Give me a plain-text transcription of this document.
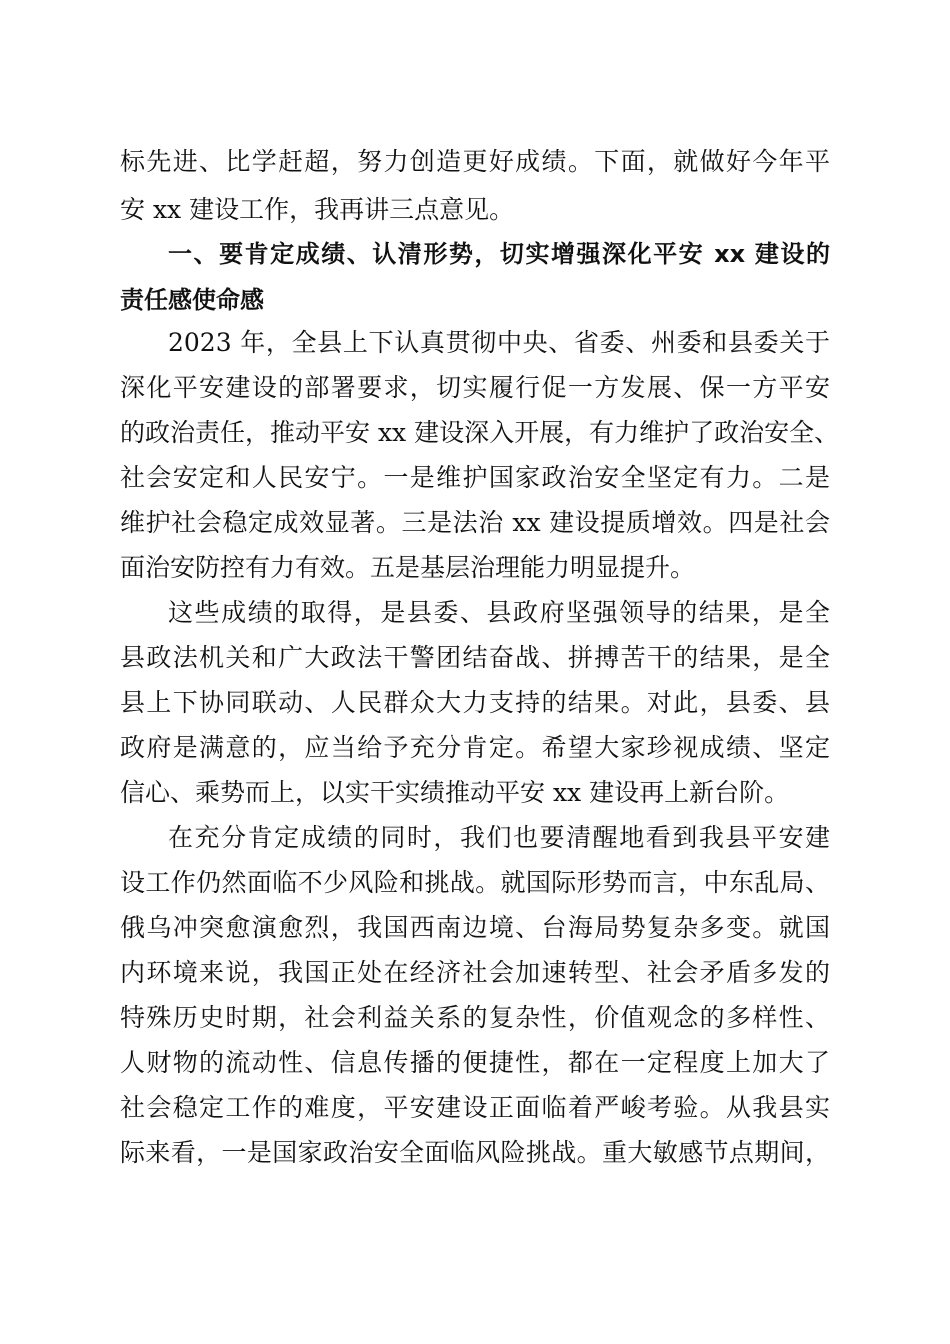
标先进、比学赶超，努力创造更好成绩。下面，就做好今年平
安 xx 建设工作，我再讲三点意见。
一、要肯定成绩、认清形势，切实增强深化平安 xx 建设的
责任感使命感
2023 年，全县上下认真贯彻中央、省委、州委和县委关于
深化平安建设的部署要求，切实履行促一方发展、保一方平安
的政治责任，推动平安 xx 建设深入开展，有力维护了政治安全、
社会安定和人民安宁。一是维护国家政治安全坚定有力。二是
维护社会稳定成效显著。三是法治 xx 建设提质增效。四是社会
面治安防控有力有效。五是基层治理能力明显提升。
这些成绩的取得，是县委、县政府坚强领导的结果，是全
县政法机关和广大政法干警团结奋战、拼搏苦干的结果，是全
县上下协同联动、人民群众大力支持的结果。对此，县委、县
政府是满意的，应当给予充分肯定。希望大家珍视成绩、坚定
信心、乘势而上，以实干实绩推动平安 xx 建设再上新台阶。
在充分肯定成绩的同时，我们也要清醒地看到我县平安建
设工作仍然面临不少风险和挑战。就国际形势而言，中东乱局、
俄乌冲突愈演愈烈，我国西南边境、台海局势复杂多变。就国
内环境来说，我国正处在经济社会加速转型、社会矛盾多发的
特殊历史时期，社会利益关系的复杂性，价值观念的多样性、
人财物的流动性、信息传播的便捷性，都在一定程度上加大了
社会稳定工作的难度，平安建设正面临着严峻考验。从我县实
际来看，一是国家政治安全面临风险挑战。重大敏感节点期间，
